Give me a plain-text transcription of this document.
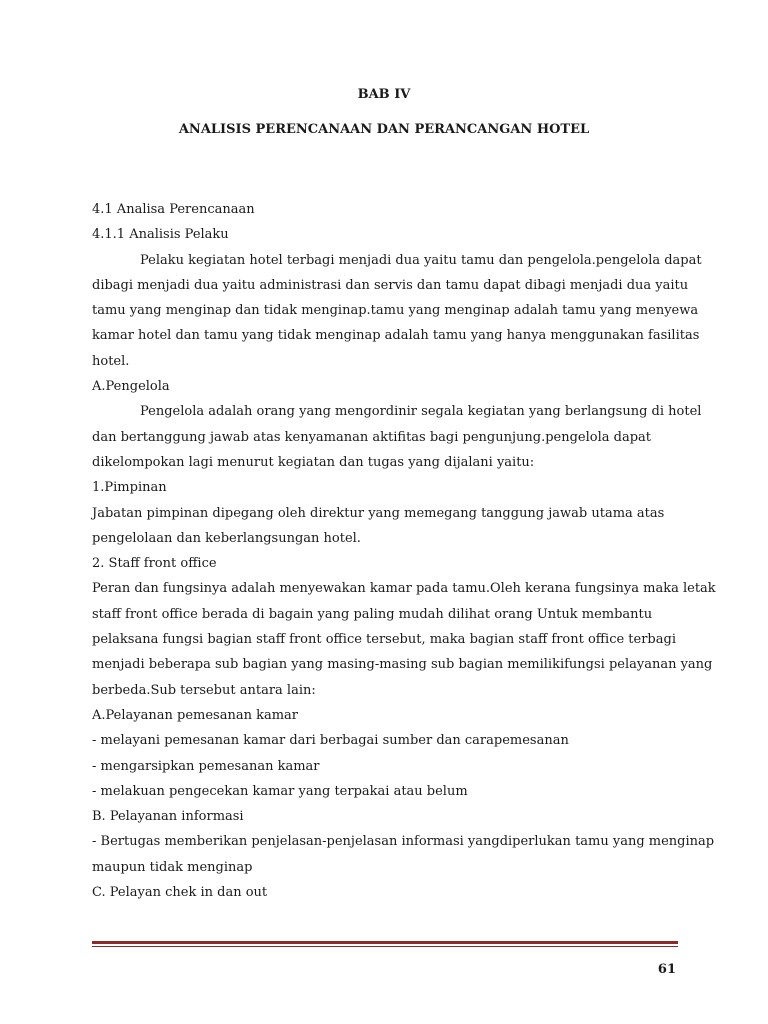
BAB IV
ANALISIS PERENCANAAN DAN PERANCANGAN HOTEL
4.1 Analisa Perencanaan
4.1.1 Analisis Pelaku
Pelaku kegiatan hotel terbagi menjadi dua yaitu tamu dan pengelola.pengelola dapat
dibagi menjadi dua yaitu administrasi dan servis dan tamu dapat dibagi menjadi dua yaitu
tamu yang menginap dan tidak menginap.tamu yang menginap adalah tamu yang menyewa
kamar hotel dan tamu yang tidak menginap adalah tamu yang hanya menggunakan fasilitas
hotel.
A.Pengelola
Pengelola adalah orang yang mengordinir segala kegiatan yang berlangsung di hotel
dan bertanggung jawab atas kenyamanan aktifitas bagi pengunjung.pengelola dapat
dikelompokan lagi menurut kegiatan dan tugas yang dijalani yaitu:
1.Pimpinan
Jabatan pimpinan dipegang oleh direktur yang memegang tanggung jawab utama atas
pengelolaan dan keberlangsungan hotel.
2. Staff front office
Peran dan fungsinya adalah menyewakan kamar pada tamu.Oleh kerana fungsinya maka letak
staff front office berada di bagain yang paling mudah dilihat orang Untuk membantu
pelaksana fungsi bagian staff front office tersebut, maka bagian staff front office terbagi
menjadi beberapa sub bagian yang masing-masing sub bagian memilikifungsi pelayanan yang
berbeda.Sub tersebut antara lain:
A.Pelayanan pemesanan kamar
- melayani pemesanan kamar dari berbagai sumber dan carapemesanan
- mengarsipkan pemesanan kamar
- melakuan pengecekan kamar yang terpakai atau belum
B. Pelayanan informasi
- Bertugas memberikan penjelasan-penjelasan informasi yangdiperlukan tamu yang menginap
maupun tidak menginap
C. Pelayan chek in dan out
61
